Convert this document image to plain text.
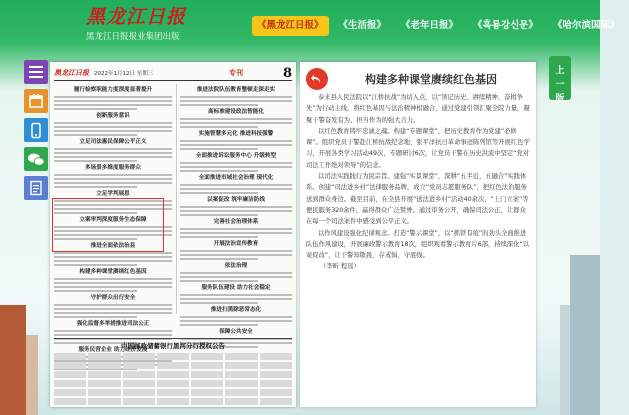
黑龙江日报
黑龙江日报报业集团出版
《黑龙江日报》	《生活报》	《老年日报》	《흑룡강신문》	《哈尔滨国际》
黑龙江日报 2022年1月12日 星期三	专刊	8
履行检察职能力度深度显著提升
创新服务意识
立足司法惠民保障公平正义
多场景多维度服务群众
立足学判展思
立案审判深度服务生态保障
推进全面依法治县
构建多种课堂赓续红色基因
守护群众出行安全
强化监督多举措推进司法公正
服务民营企业 助力经济发展
推进法院队伍教育整顿走深走实
高标准建设政法智能化
实施智慧多元化 推进科技强警
全面推进诉讼服务中心 升级转型
全面推进市域社会治理 现代化
以案促改 筑牢廉洁防线
完善社会治理体系
开展法治宣传教育
依法治理
服务队伍建设 助力社会稳定
推进扫黑除恶常态化
保障公共安全
中国邮政储蓄银行黑河分行授权公告
构建多种课堂赓续红色基因

泰来县人民法院以“江桥抗战”为切入点，以“领记历史、赓续精神、奋楫争先”为行动主线，将红色基因与法治精神相融合，通过党建引领汇聚全院力量，凝聚干警奋发有为、担当作为的强大合力。

以红色教育铸牢忠诚之魂。构建“专题课堂”，把历史教育作为党建“必修课”。组织党员干警赴江桥抗战纪念地、张平洋抗日革命事迹陈列馆等开展红色学习，开展各类学习活动49次，专题研讨6次，让党员干警在历史洪流中坚定“党对司法工作绝对领导”的信念。

以司法实践践行为民宗旨。建强“实景课堂”，深耕“五半近、五融合”实践体系。创建“司法进乡村”法律服务品牌，成立“党员志愿服务队”，把红色法治服务送到群众身边。截至目前，在全县开展“送法进乡村”活动40余次，“上门立案”等便民服务320余件，赢得群众广泛赞誉。通过审务公开，确保司法公正，让群众在每一个司法案件中感受到公平正义。

以作风建设强化纪律观念。打造“警示课堂”，以“抓铁有痕”的劲头全面推进队伍作风建设，开展廉政警示教育18次，组织观看警示教育片6部，持续深化“以案促改”，让干警知敬畏、存戒惧、守底线。

（李昕 程瑶）

上
一
版
